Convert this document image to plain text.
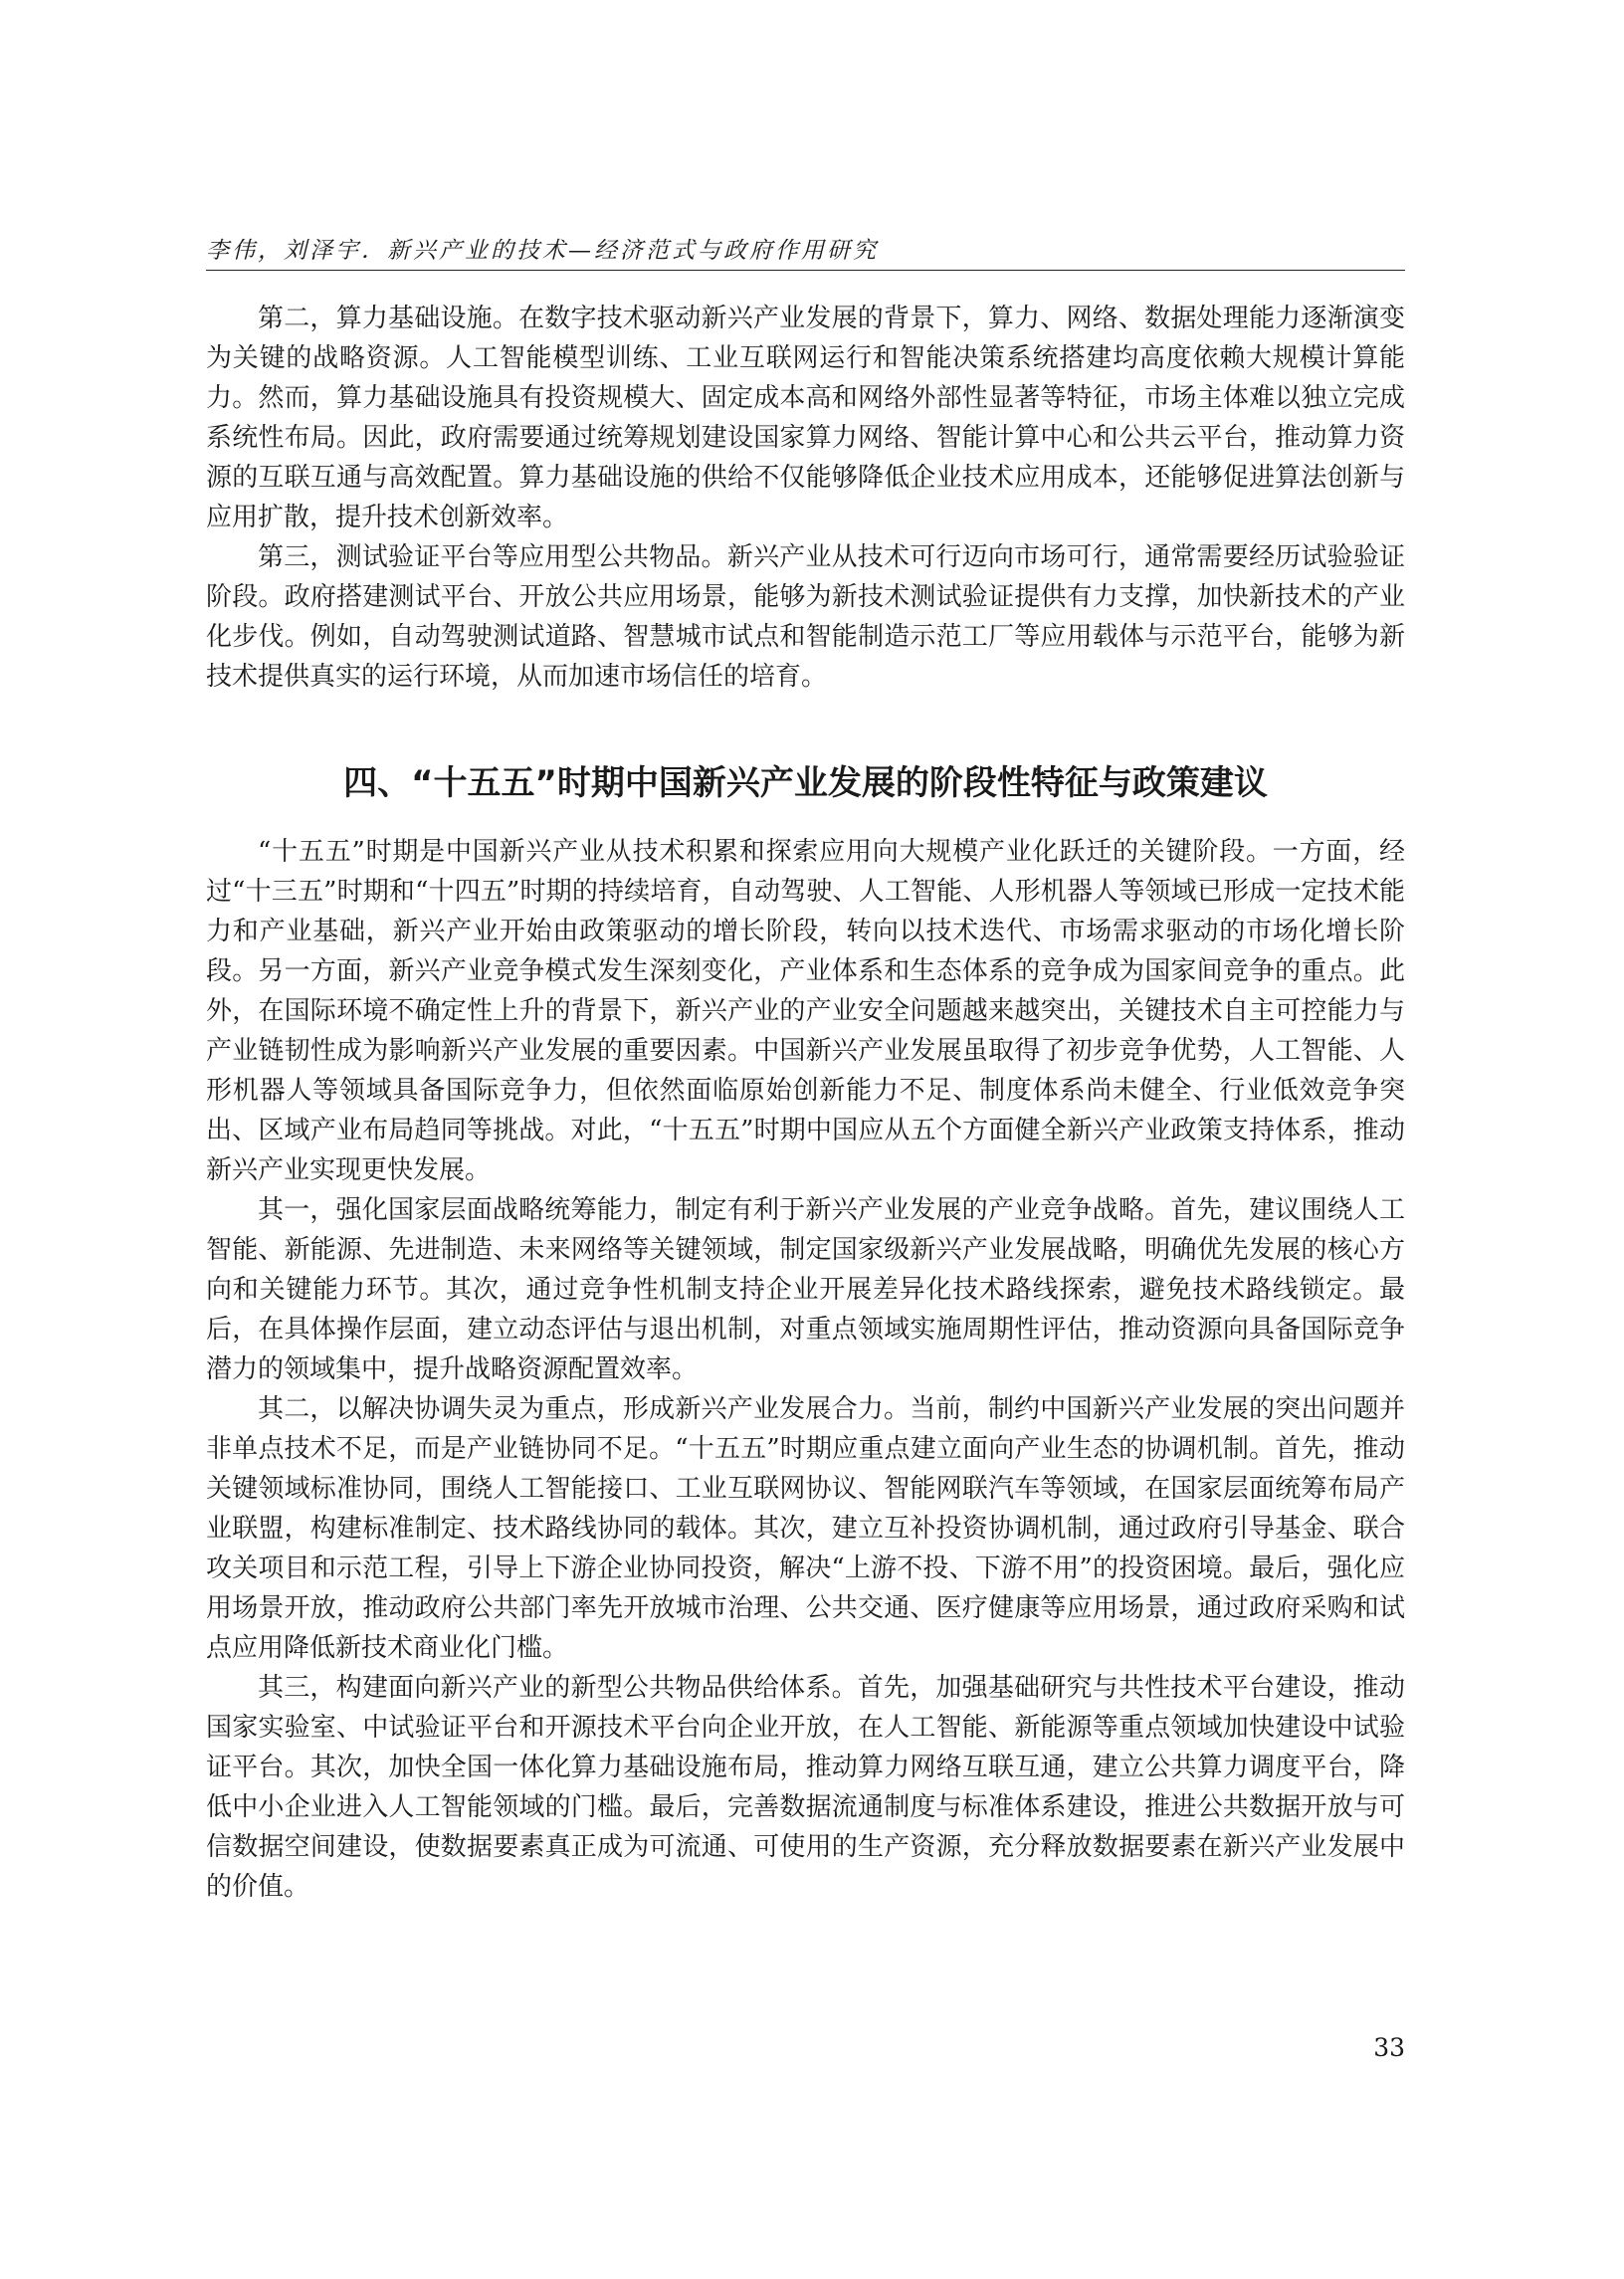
李伟，刘泽宇．新兴产业的技术—经济范式与政府作用研究

第二，算力基础设施。在数字技术驱动新兴产业发展的背景下，算力、网络、数据处理能力逐渐演变为关键的战略资源。人工智能模型训练、工业互联网运行和智能决策系统搭建均高度依赖大规模计算能力。然而，算力基础设施具有投资规模大、固定成本高和网络外部性显著等特征，市场主体难以独立完成系统性布局。因此，政府需要通过统筹规划建设国家算力网络、智能计算中心和公共云平台，推动算力资源的互联互通与高效配置。算力基础设施的供给不仅能够降低企业技术应用成本，还能够促进算法创新与应用扩散，提升技术创新效率。

第三，测试验证平台等应用型公共物品。新兴产业从技术可行迈向市场可行，通常需要经历试验验证阶段。政府搭建测试平台、开放公共应用场景，能够为新技术测试验证提供有力支撑，加快新技术的产业化步伐。例如，自动驾驶测试道路、智慧城市试点和智能制造示范工厂等应用载体与示范平台，能够为新技术提供真实的运行环境，从而加速市场信任的培育。

四、“十五五”时期中国新兴产业发展的阶段性特征与政策建议

“十五五”时期是中国新兴产业从技术积累和探索应用向大规模产业化跃迁的关键阶段。一方面，经过“十三五”时期和“十四五”时期的持续培育，自动驾驶、人工智能、人形机器人等领域已形成一定技术能力和产业基础，新兴产业开始由政策驱动的增长阶段，转向以技术迭代、市场需求驱动的市场化增长阶段。另一方面，新兴产业竞争模式发生深刻变化，产业体系和生态体系的竞争成为国家间竞争的重点。此外，在国际环境不确定性上升的背景下，新兴产业的产业安全问题越来越突出，关键技术自主可控能力与产业链韧性成为影响新兴产业发展的重要因素。中国新兴产业发展虽取得了初步竞争优势，人工智能、人形机器人等领域具备国际竞争力，但依然面临原始创新能力不足、制度体系尚未健全、行业低效竞争突出、区域产业布局趋同等挑战。对此，“十五五”时期中国应从五个方面健全新兴产业政策支持体系，推动新兴产业实现更快发展。

其一，强化国家层面战略统筹能力，制定有利于新兴产业发展的产业竞争战略。首先，建议围绕人工智能、新能源、先进制造、未来网络等关键领域，制定国家级新兴产业发展战略，明确优先发展的核心方向和关键能力环节。其次，通过竞争性机制支持企业开展差异化技术路线探索，避免技术路线锁定。最后，在具体操作层面，建立动态评估与退出机制，对重点领域实施周期性评估，推动资源向具备国际竞争潜力的领域集中，提升战略资源配置效率。

其二，以解决协调失灵为重点，形成新兴产业发展合力。当前，制约中国新兴产业发展的突出问题并非单点技术不足，而是产业链协同不足。“十五五”时期应重点建立面向产业生态的协调机制。首先，推动关键领域标准协同，围绕人工智能接口、工业互联网协议、智能网联汽车等领域，在国家层面统筹布局产业联盟，构建标准制定、技术路线协同的载体。其次，建立互补投资协调机制，通过政府引导基金、联合攻关项目和示范工程，引导上下游企业协同投资，解决“上游不投、下游不用”的投资困境。最后，强化应用场景开放，推动政府公共部门率先开放城市治理、公共交通、医疗健康等应用场景，通过政府采购和试点应用降低新技术商业化门槛。

其三，构建面向新兴产业的新型公共物品供给体系。首先，加强基础研究与共性技术平台建设，推动国家实验室、中试验证平台和开源技术平台向企业开放，在人工智能、新能源等重点领域加快建设中试验证平台。其次，加快全国一体化算力基础设施布局，推动算力网络互联互通，建立公共算力调度平台，降低中小企业进入人工智能领域的门槛。最后，完善数据流通制度与标准体系建设，推进公共数据开放与可信数据空间建设，使数据要素真正成为可流通、可使用的生产资源，充分释放数据要素在新兴产业发展中的价值。

33
